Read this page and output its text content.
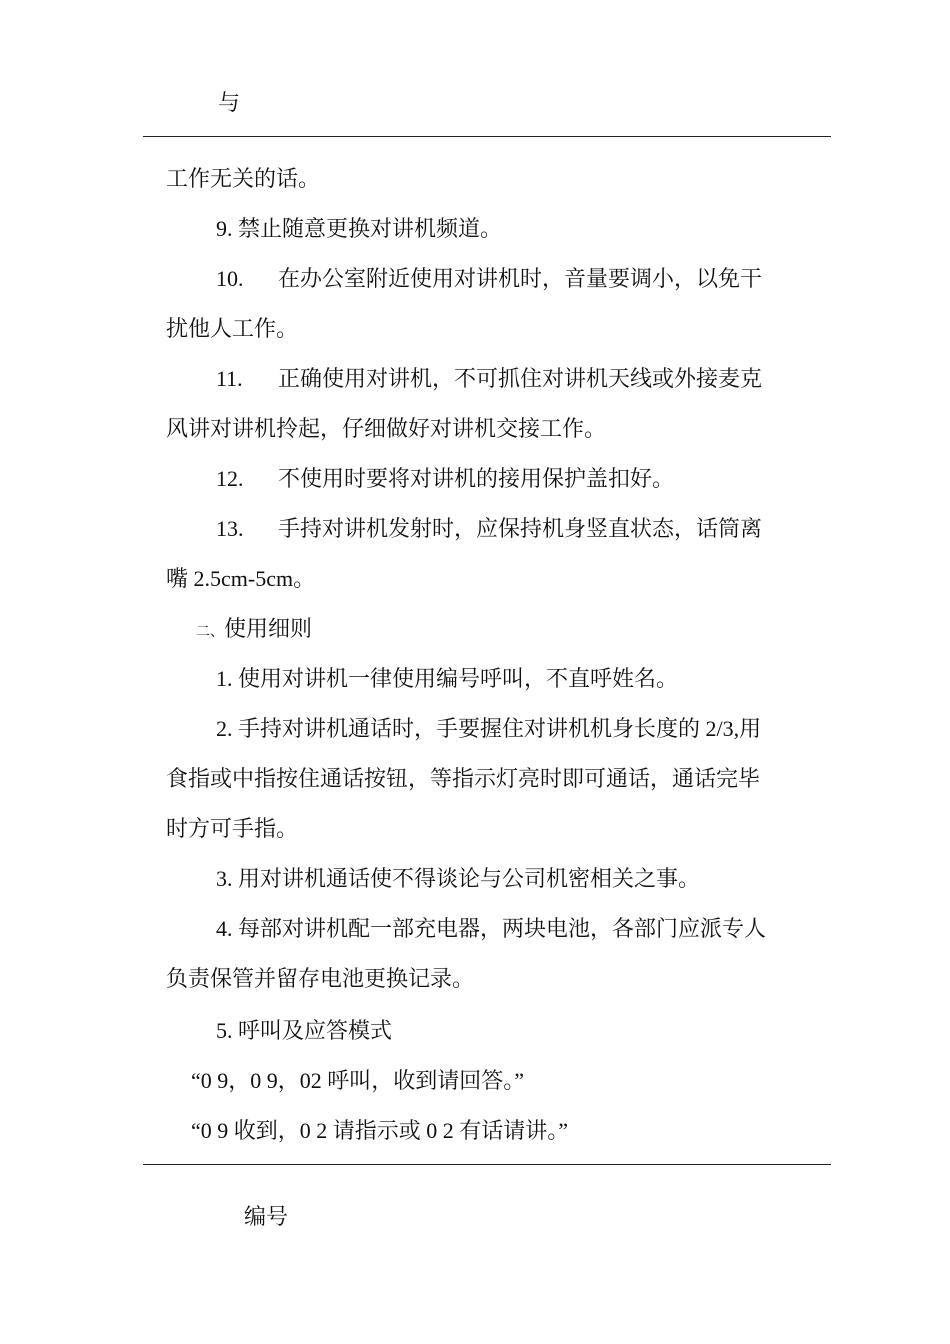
与
工作无关的话。
9. 禁止随意更换对讲机频道。
10. 在办公室附近使用对讲机时，音量要调小，以免干
扰他人工作。
11. 正确使用对讲机，不可抓住对讲机天线或外接麦克
风讲对讲机拎起，仔细做好对讲机交接工作。
12. 不使用时要将对讲机的接用保护盖扣好。
13. 手持对讲机发射时，应保持机身竖直状态，话筒离
嘴 2.5cm-5cm。
二、使用细则
1. 使用对讲机一律使用编号呼叫，不直呼姓名。
2. 手持对讲机通话时，手要握住对讲机机身长度的 2/3,用
食指或中指按住通话按钮，等指示灯亮时即可通话，通话完毕
时方可手指。
3. 用对讲机通话使不得谈论与公司机密相关之事。
4. 每部对讲机配一部充电器，两块电池，各部门应派专人
负责保管并留存电池更换记录。
5. 呼叫及应答模式
“0 9，0 9，02 呼叫，收到请回答。”
“0 9 收到，0 2 请指示或 0 2 有话请讲。”
编号
